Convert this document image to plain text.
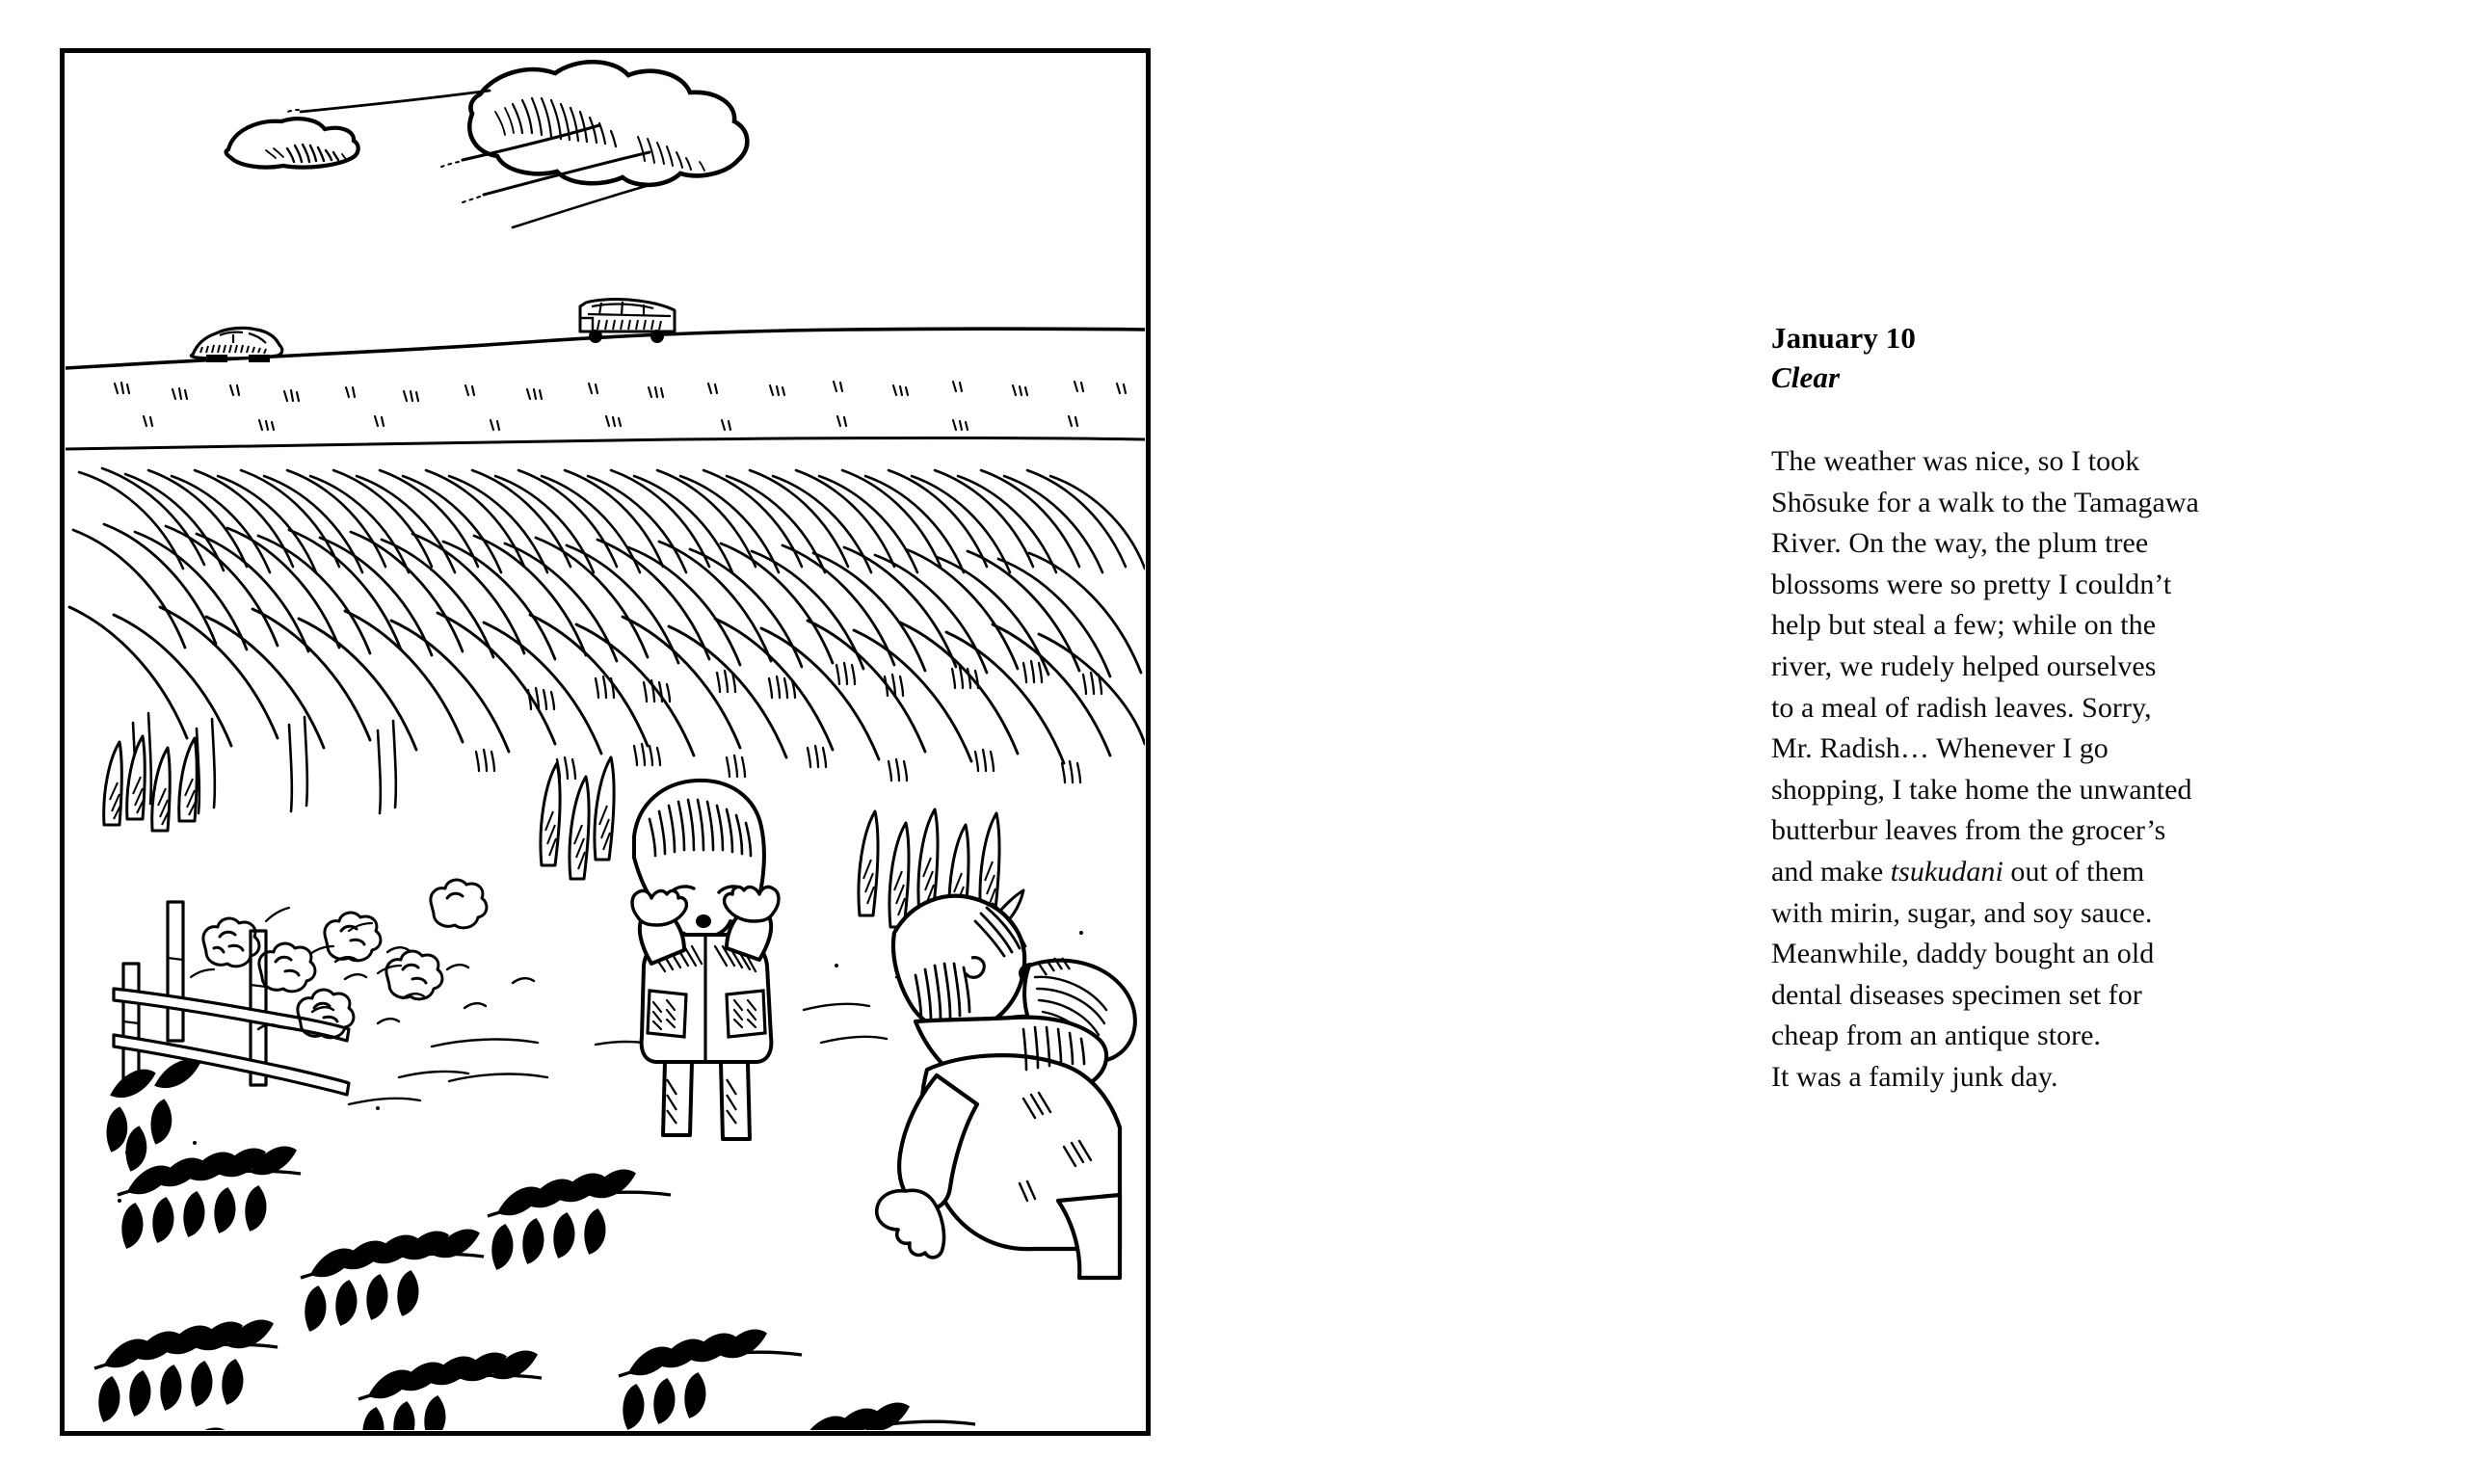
January 10
Clear
The weather was nice, so I took
Shōsuke for a walk to the Tamagawa
River. On the way, the plum tree
blossoms were so pretty I couldn’t
help but steal a few; while on the
river, we rudely helped ourselves
to a meal of radish leaves. Sorry,
Mr. Radish… Whenever I go
shopping, I take home the unwanted
butterbur leaves from the grocer’s
and make tsukudani out of them
with mirin, sugar, and soy sauce.
Meanwhile, daddy bought an old
dental diseases specimen set for
cheap from an antique store.
It was a family junk day.
